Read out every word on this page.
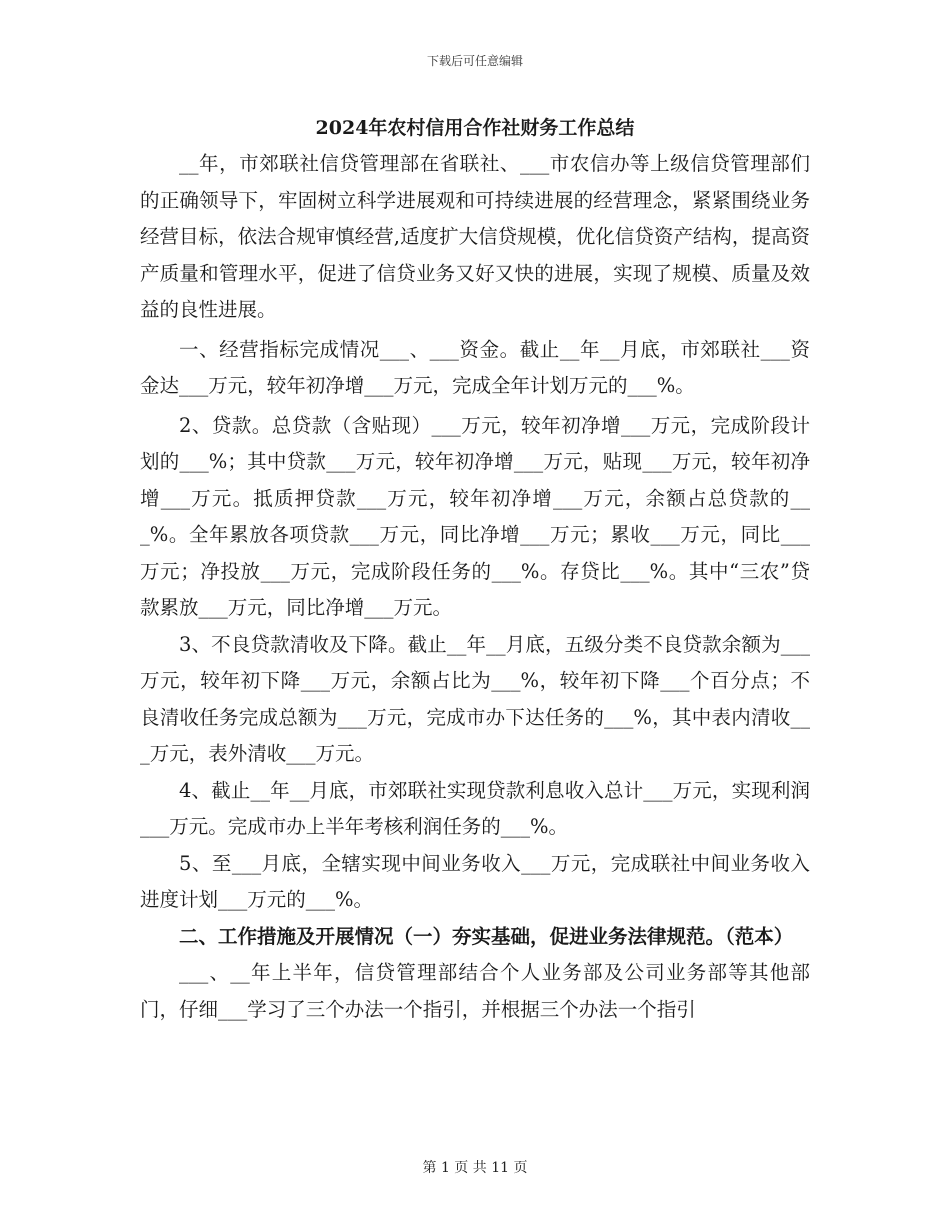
下载后可任意编辑
2024年农村信用合作社财务工作总结

__年，市郊联社信贷管理部在省联社、___市农信办等上级信贷管理部们的正确领导下，牢固树立科学进展观和可持续进展的经营理念，紧紧围绕业务经营目标，依法合规审慎经营,适度扩大信贷规模，优化信贷资产结构，提高资产质量和管理水平，促进了信贷业务又好又快的进展，实现了规模、质量及效益的良性进展。

一、经营指标完成情况___、___资金。截止__年__月底，市郊联社___资金达___万元，较年初净增___万元，完成全年计划万元的___%。

2、贷款。总贷款（含贴现）___万元，较年初净增___万元，完成阶段计划的___%；其中贷款___万元，较年初净增___万元，贴现___万元，较年初净增___万元。抵质押贷款___万元，较年初净增___万元，余额占总贷款的___%。全年累放各项贷款___万元，同比净增___万元；累收___万元，同比___万元；净投放___万元，完成阶段任务的___%。存贷比___%。其中“三农”贷款累放___万元，同比净增___万元。

3、不良贷款清收及下降。截止__年__月底，五级分类不良贷款余额为___万元，较年初下降___万元，余额占比为___%，较年初下降___个百分点；不良清收任务完成总额为___万元，完成市办下达任务的___%，其中表内清收___万元，表外清收___万元。

4、截止__年__月底，市郊联社实现贷款利息收入总计___万元，实现利润___万元。完成市办上半年考核利润任务的___%。

5、至___月底，全辖实现中间业务收入___万元，完成联社中间业务收入进度计划___万元的___%。

二、工作措施及开展情况（一）夯实基础，促进业务法律规范。（范本）

___、__年上半年，信贷管理部结合个人业务部及公司业务部等其他部门，仔细___学习了三个办法一个指引，并根据三个办法一个指引

第 1 页 共 11 页
